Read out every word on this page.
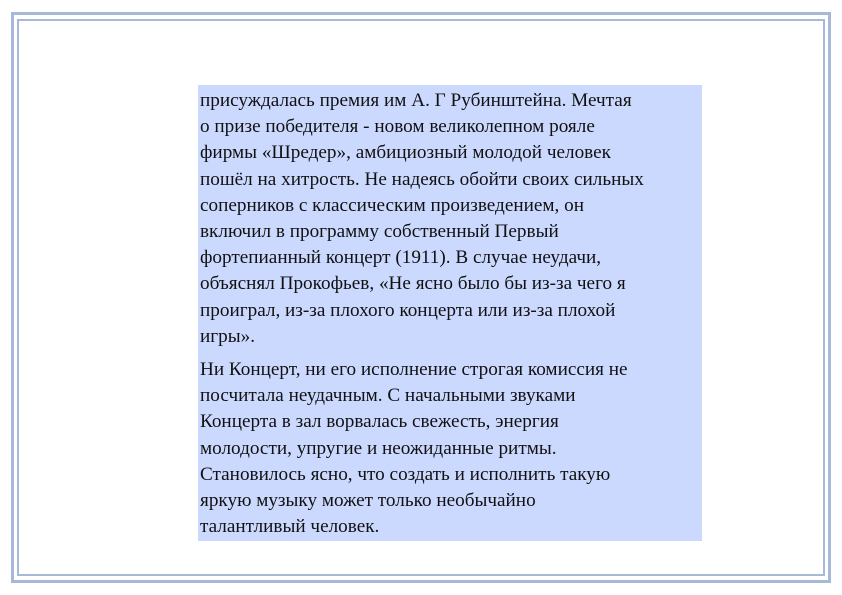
присуждалась премия им А. Г Рубинштейна. Мечтая
о призе победителя - новом великолепном рояле
фирмы «Шредер», амбициозный молодой человек
пошёл на хитрость. Не надеясь обойти своих сильных
соперников с классическим произведением, он
включил в программу собственный Первый
фортепианный концерт (1911). В случае неудачи,
объяснял Прокофьев, «Не ясно было бы из-за чего я
проиграл, из-за плохого концерта или из-за плохой
игры».

Ни Концерт, ни его исполнение строгая комиссия не
посчитала неудачным. С начальными звуками
Концерта в зал ворвалась свежесть, энергия
молодости, упругие и неожиданные ритмы.
Становилось ясно, что создать и исполнить такую
яркую музыку может только необычайно
талантливый человек.
